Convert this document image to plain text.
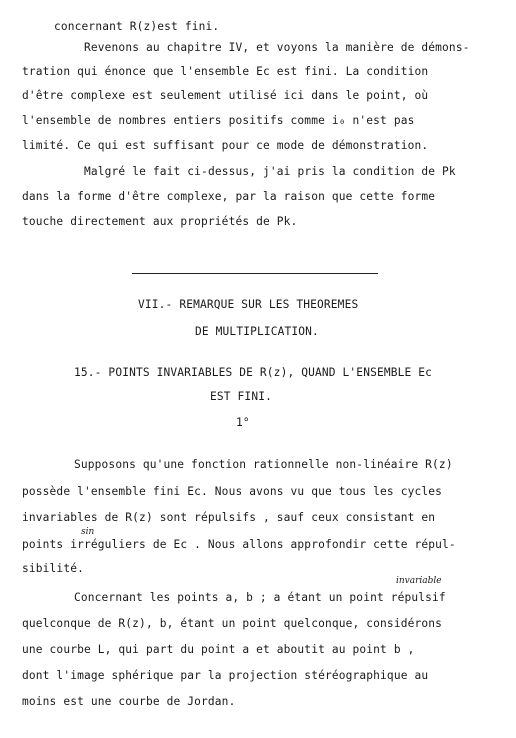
concernant R(z)est fini.
Revenons au chapitre IV, et voyons la manière de démons-
tration qui énonce que l'ensemble Ec est fini. La condition
d'être complexe est seulement utilisé ici dans le point, où
l'ensemble de nombres entiers positifs comme i₀ n'est pas
limité. Ce qui est suffisant pour ce mode de démonstration.
Malgré le fait ci-dessus, j'ai pris la condition de Pk
dans la forme d'être complexe, par la raison que cette forme
touche directement aux propriétés de Pk.
VII.- REMARQUE SUR LES THEOREMES
DE MULTIPLICATION.
15.- POINTS INVARIABLES DE R(z), QUAND L'ENSEMBLE Ec
EST FINI.
1°
Supposons qu'une fonction rationnelle non-linéaire R(z)
possède l'ensemble fini Ec. Nous avons vu que tous les cycles
invariables de R(z) sont répulsifs , sauf ceux consistant en
sin
points irréguliers de Ec . Nous allons approfondir cette répul-
sibilité.
invariable
Concernant les points a, b ; a étant un point répulsif
quelconque de R(z), b, étant un point quelconque, considérons
une courbe L, qui part du point a et aboutit au point b ,
dont l'image sphérique par la projection stéréographique au
moins est une courbe de Jordan.
